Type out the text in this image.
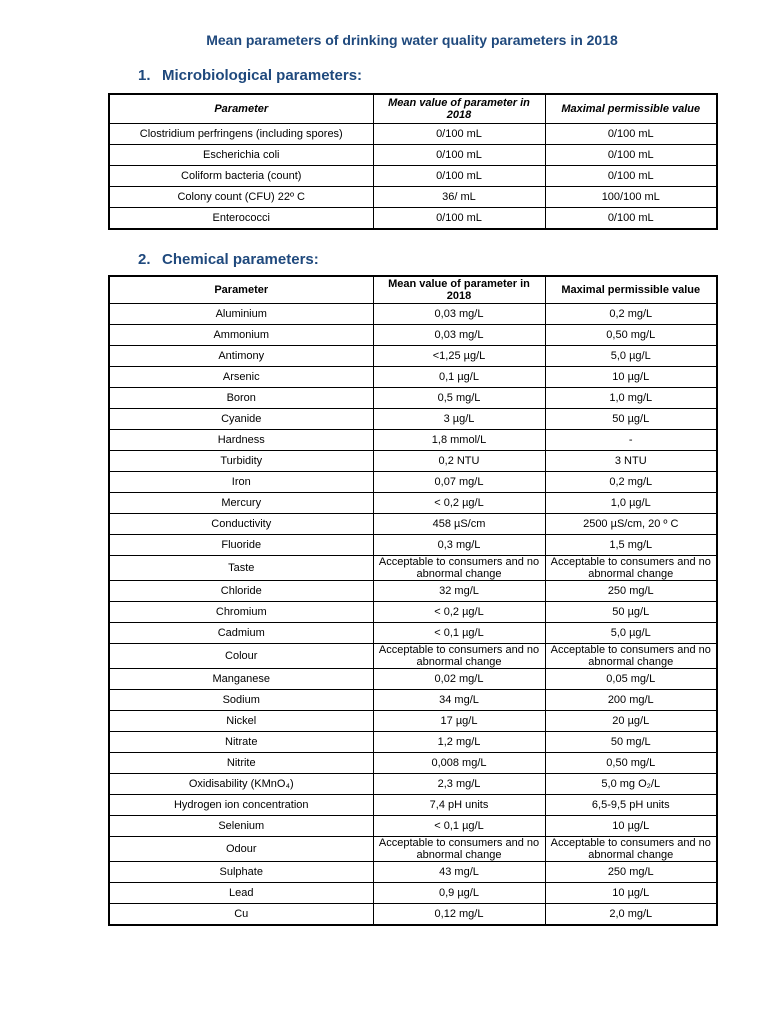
Mean parameters of drinking water quality parameters in 2018
1. Microbiological parameters:
Parameter	Mean value of parameter in 2018	Maximal permissible value
Clostridium perfringens (including spores)	0/100 mL	0/100 mL
Escherichia coli	0/100 mL	0/100 mL
Coliform bacteria (count)	0/100 mL	0/100 mL
Colony count (CFU) 22º C	36/ mL	100/100 mL
Enterococci	0/100 mL	0/100 mL
2. Chemical parameters:
Parameter	Mean value of parameter in 2018	Maximal permissible value
Aluminium	0,03 mg/L	0,2 mg/L
Ammonium	0,03 mg/L	0,50 mg/L
Antimony	<1,25 µg/L	5,0 µg/L
Arsenic	0,1 µg/L	10 µg/L
Boron	0,5 mg/L	1,0 mg/L
Cyanide	3 µg/L	50 µg/L
Hardness	1,8 mmol/L	-
Turbidity	0,2 NTU	3 NTU
Iron	0,07 mg/L	0,2 mg/L
Mercury	< 0,2 µg/L	1,0 µg/L
Conductivity	458 µS/cm	2500 µS/cm, 20 º C
Fluoride	0,3 mg/L	1,5 mg/L
Taste	Acceptable to consumers and no abnormal change	Acceptable to consumers and no abnormal change
Chloride	32 mg/L	250 mg/L
Chromium	< 0,2 µg/L	50 µg/L
Cadmium	< 0,1 µg/L	5,0 µg/L
Colour	Acceptable to consumers and no abnormal change	Acceptable to consumers and no abnormal change
Manganese	0,02 mg/L	0,05 mg/L
Sodium	34 mg/L	200 mg/L
Nickel	17 µg/L	20 µg/L
Nitrate	1,2 mg/L	50 mg/L
Nitrite	0,008 mg/L	0,50 mg/L
Oxidisability (KMnO₄)	2,3 mg/L	5,0 mg O₂/L
Hydrogen ion concentration	7,4 pH units	6,5-9,5 pH units
Selenium	< 0,1 µg/L	10 µg/L
Odour	Acceptable to consumers and no abnormal change	Acceptable to consumers and no abnormal change
Sulphate	43 mg/L	250 mg/L
Lead	0,9 µg/L	10 µg/L
Cu	0,12 mg/L	2,0 mg/L
